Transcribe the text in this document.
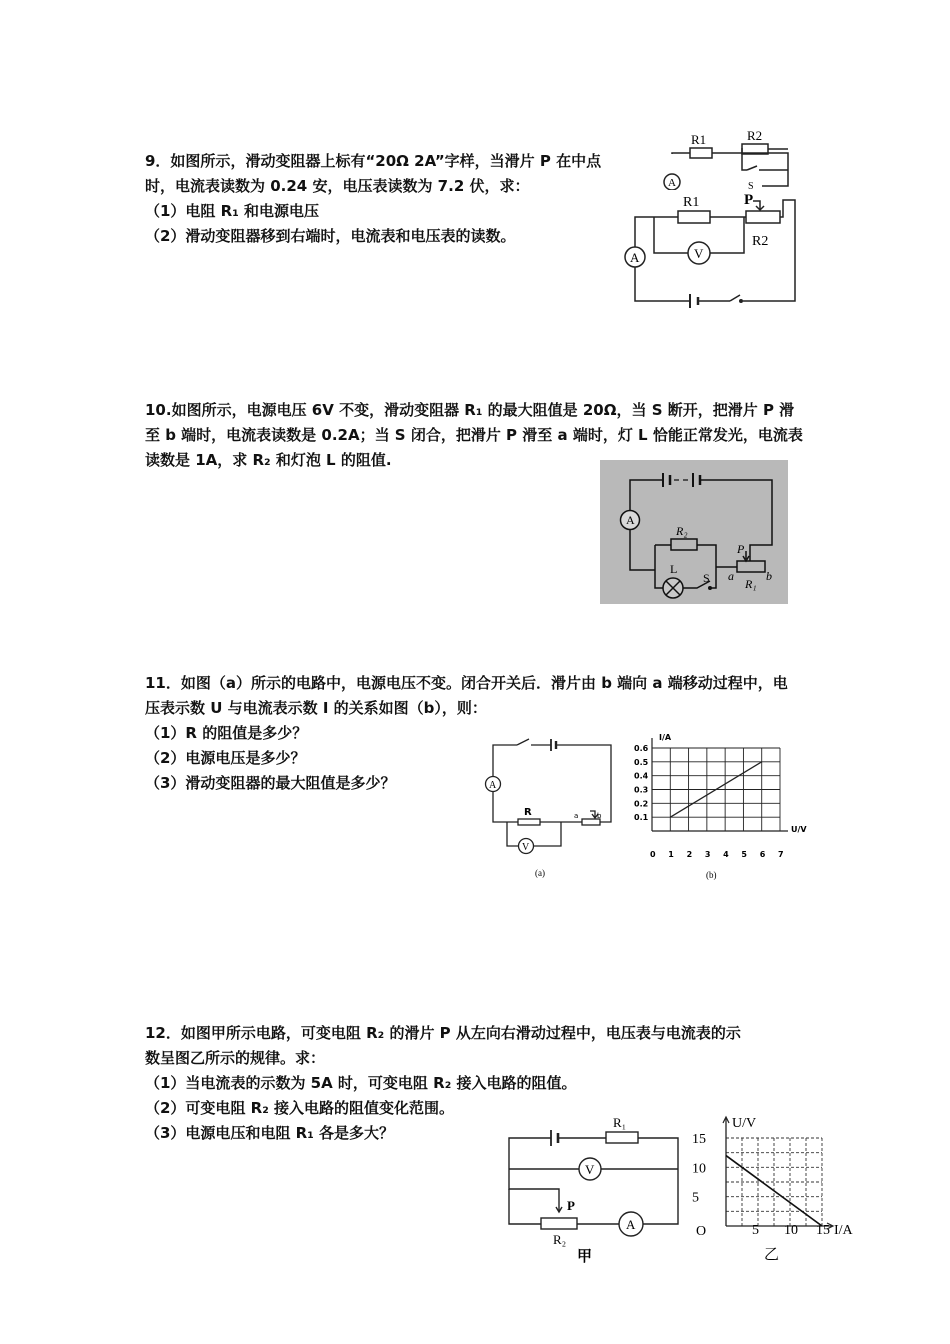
9．如图所示，滑动变阻器上标有“20Ω 2A”字样，当滑片 P 在中点

时，电流表读数为 0.24 安，电压表读数为 7.2 伏，求：

（1）电阻 R₁ 和电源电压

（2）滑动变阻器移到右端时，电流表和电压表的读数。

A
R1	R2
S
A	V
R1	P
R2

10.如图所示，电源电压 6V 不变，滑动变阻器 R₁ 的最大阻值是 20Ω，当 S 断开，把滑片 P 滑

至 b 端时，电流表读数是 0.2A；当 S 闭合，把滑片 P 滑至 a 端时，灯 L 恰能正常发光，电流表

读数是 1A，求 R₂ 和灯泡 L 的阻值.

A
R₂
L
S
P
a
R₁
b

11．如图（a）所示的电路中，电源电压不变。闭合开关后．滑片由 b 端向 a 端移动过程中，电

压表示数 U 与电流表示数 I 的关系如图（b），则：

（1）R 的阻值是多少？

（2）电源电压是多少？

（3）滑动变阻器的最大阻值是多少？	A
V
R	a	b
(a)
0 1 2 3 4 5 6 7
0.6
0.5
0.4
0.3
0.2
0.1
I/A
U/V
(b)

12．如图甲所示电路，可变电阻 R₂ 的滑片 P 从左向右滑动过程中，电压表与电流表的示

数呈图乙所示的规律。求：

（1）当电流表的示数为 5A 时，可变电阻 R₂ 接入电路的阻值。

（2）可变电阻 R₂ 接入电路的阻值变化范围。

（3）电源电压和电阻 R₁ 各是多大？

V
A
R₁
P
R₂
甲
5 10 15
15
10
5
U/V
I/A
O
乙
